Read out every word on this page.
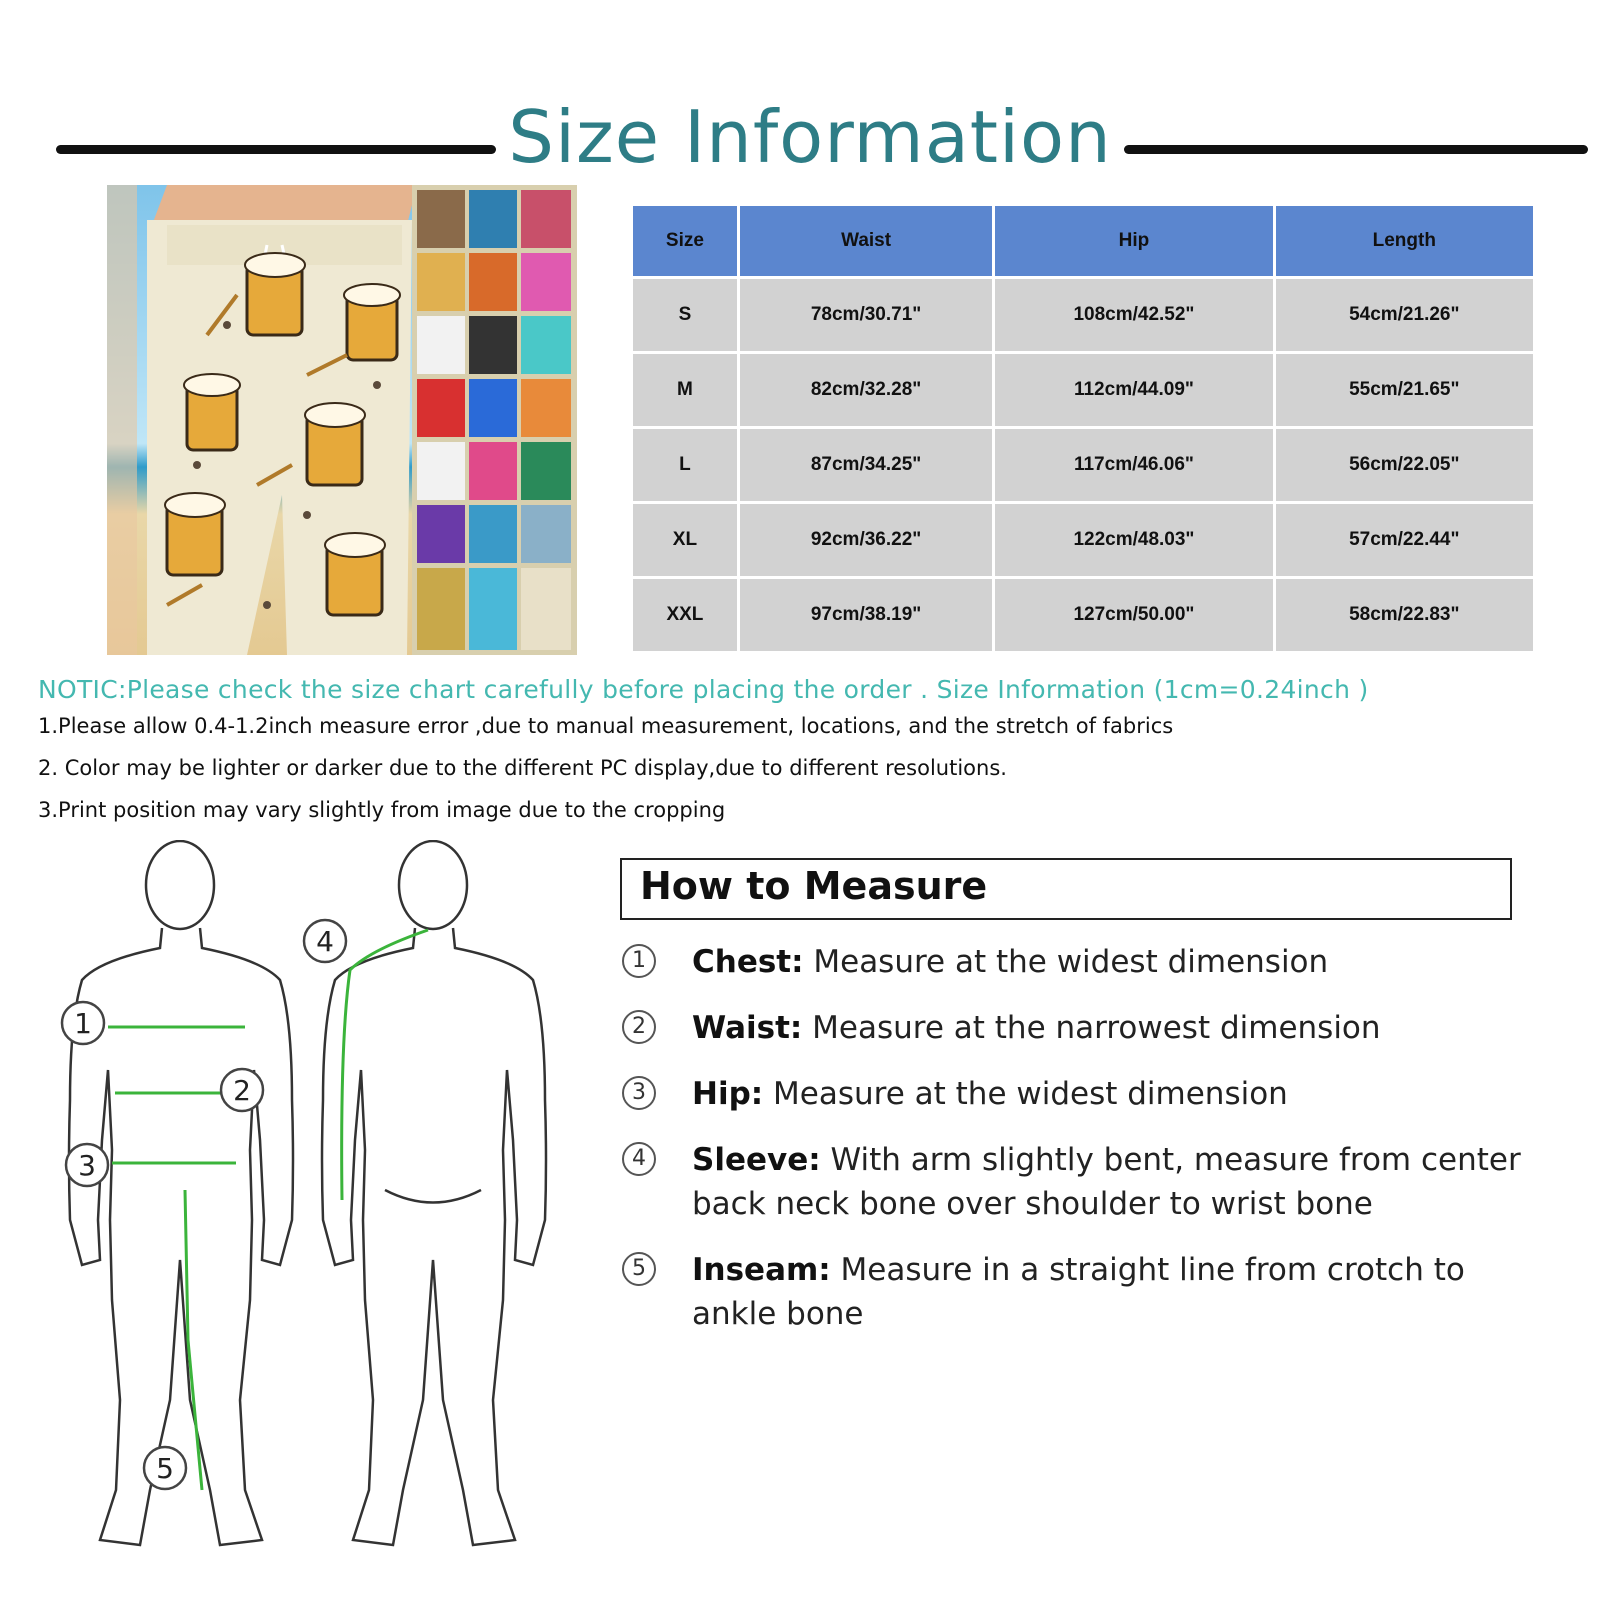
Size Information
Size	Waist	Hip	Length
S	78cm/30.71"	108cm/42.52"	54cm/21.26"
M	82cm/32.28"	112cm/44.09"	55cm/21.65"
L	87cm/34.25"	117cm/46.06"	56cm/22.05"
XL	92cm/36.22"	122cm/48.03"	57cm/22.44"
XXL	97cm/38.19"	127cm/50.00"	58cm/22.83"
NOTIC:Please check the size chart carefully before placing the order . Size Information (1cm=0.24inch )
1.Please allow 0.4-1.2inch measure error ,due to manual measurement, locations, and the stretch of fabrics
2. Color may be lighter or darker due to the different PC display,due to different resolutions.
3.Print position may vary slightly from image due to the cropping
1
2
3
4
5
How to Measure
1	Chest: Measure at the widest dimension
2	Waist: Measure at the narrowest dimension
3	Hip: Measure at the widest dimension
4	Sleeve: With arm slightly bent, measure from center back neck bone over shoulder to wrist bone
5	Inseam: Measure in a straight line from crotch to ankle bone
